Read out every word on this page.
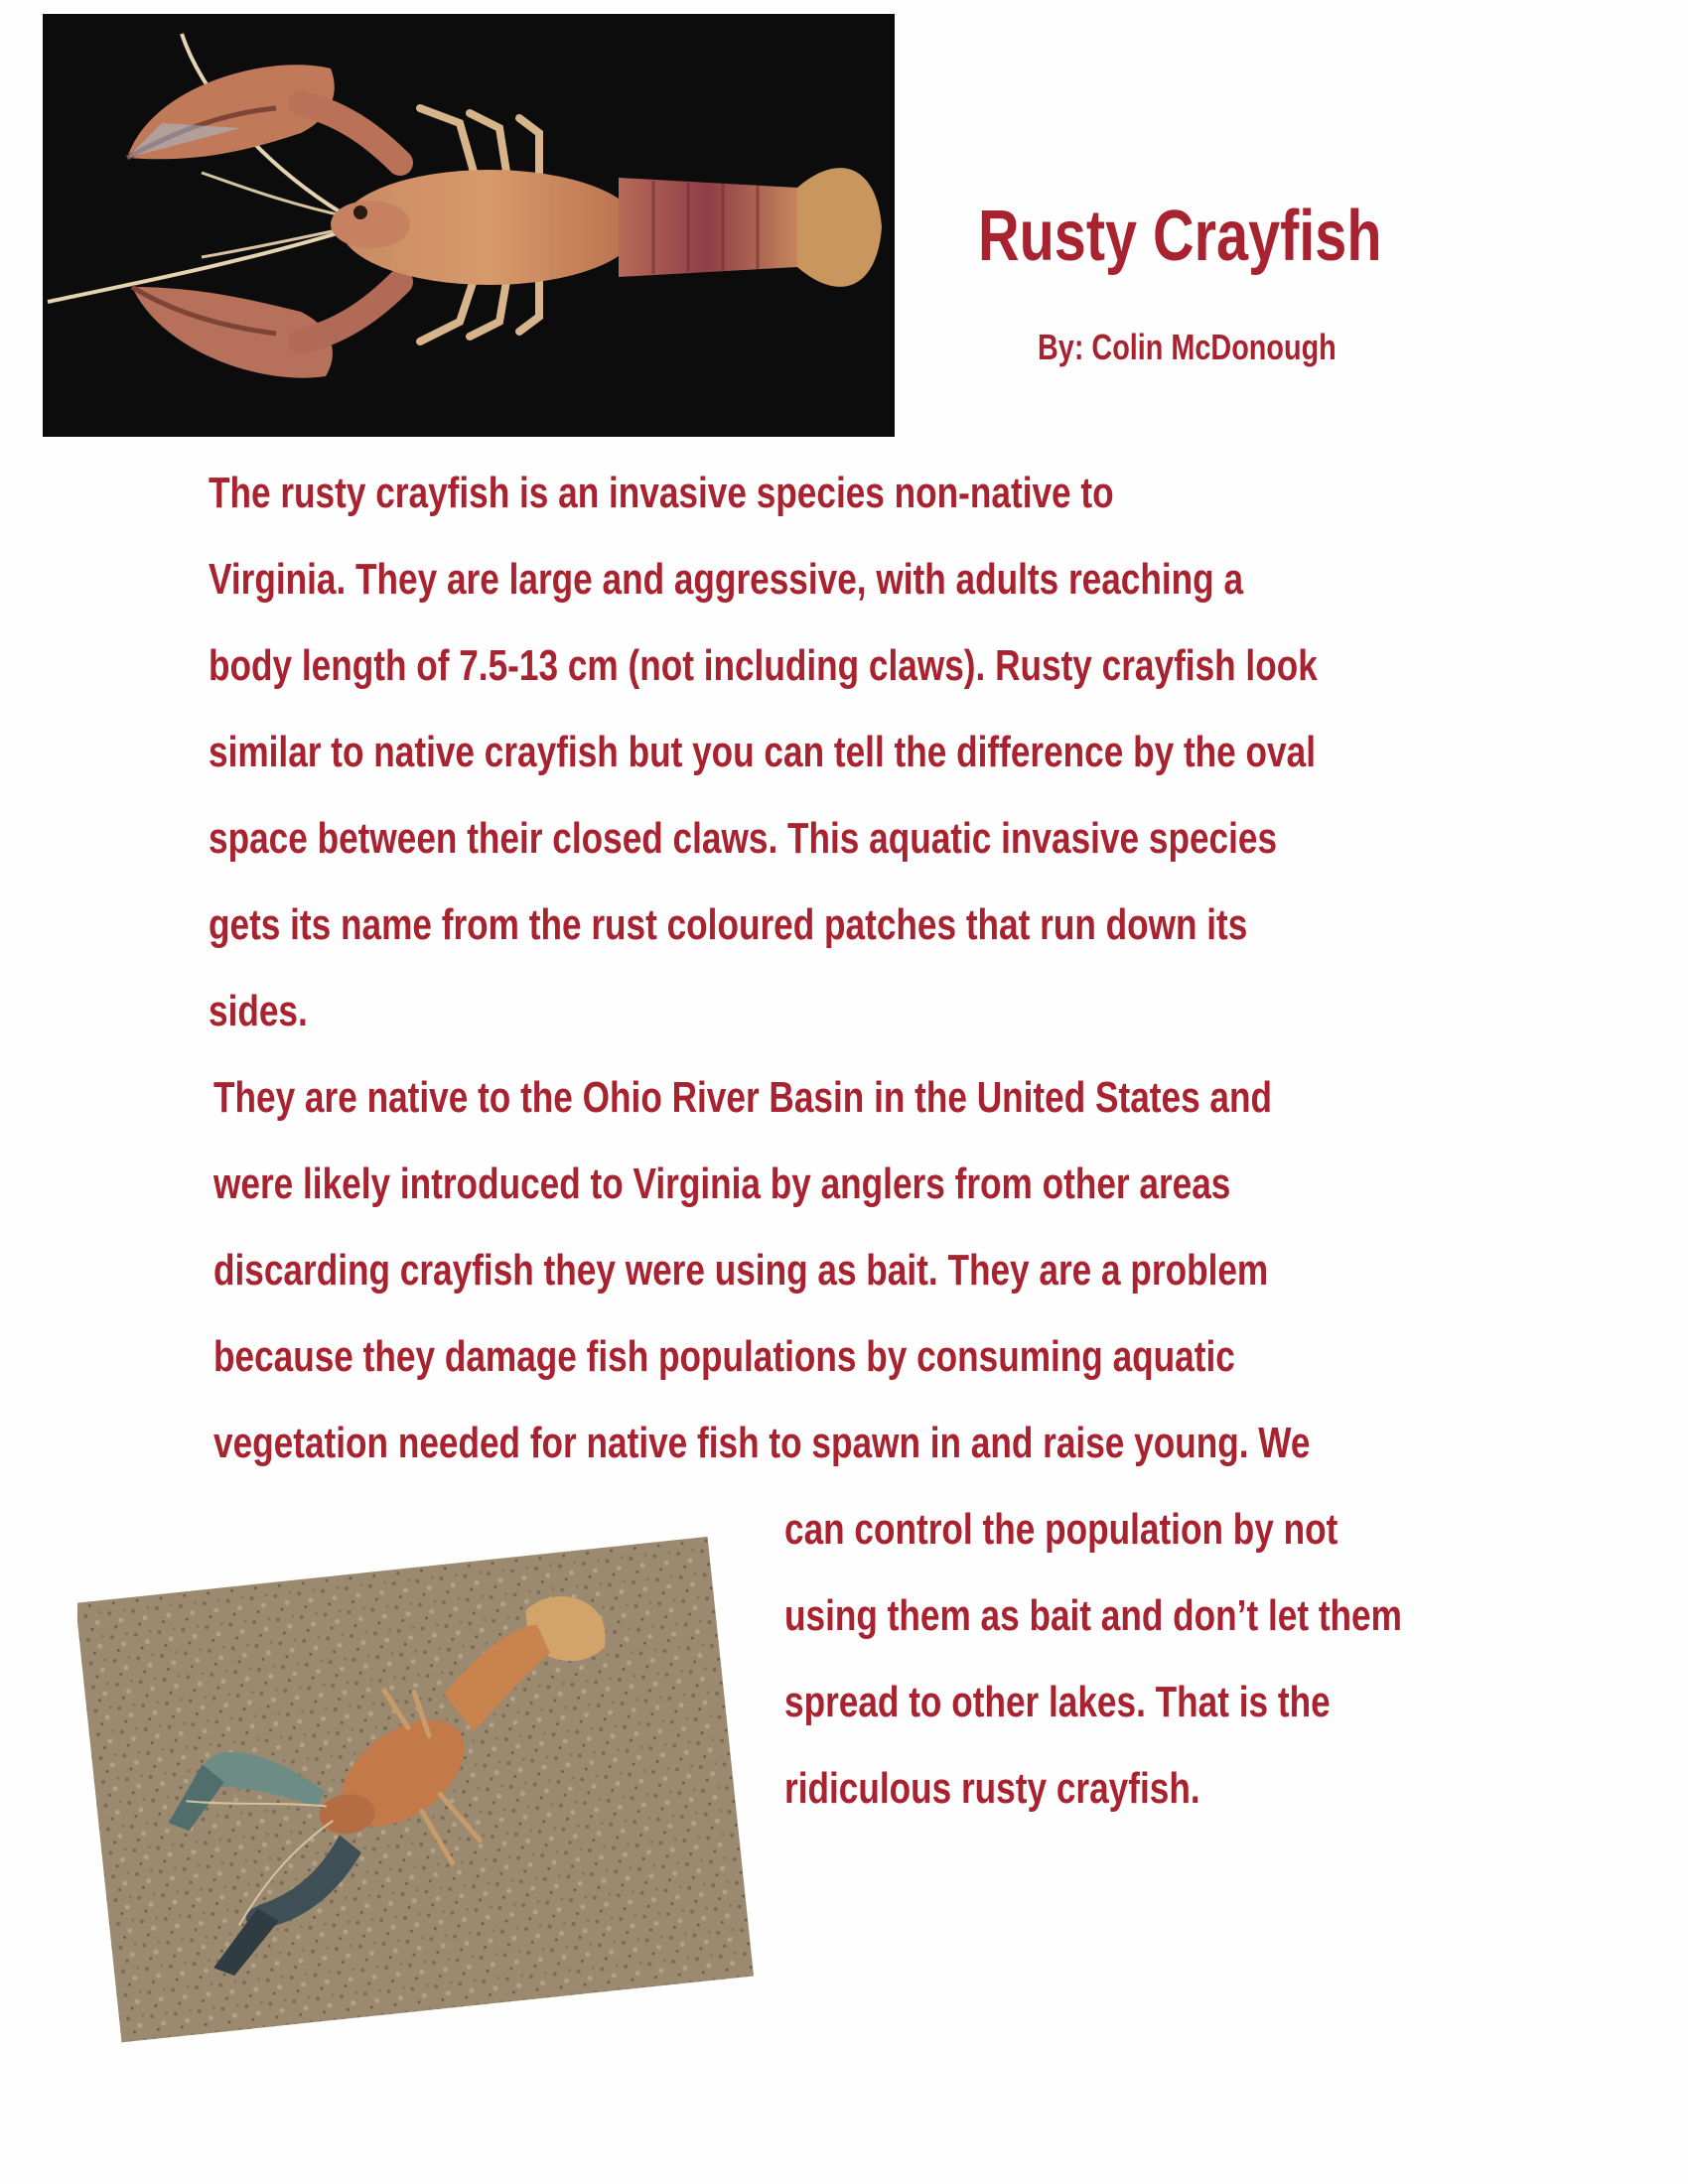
Rusty Crayfish
By: Colin McDonough
The rusty crayfish is an invasive species non-native to
Virginia. They are large and aggressive, with adults reaching a
body length of 7.5-13 cm (not including claws). Rusty crayfish look
similar to native crayfish but you can tell the difference by the oval
space between their closed claws. This aquatic invasive species
gets its name from the rust coloured patches that run down its
sides.
They are native to the Ohio River Basin in the United States and
were likely introduced to Virginia by anglers from other areas
discarding crayfish they were using as bait. They are a problem
because they damage fish populations by consuming aquatic
vegetation needed for native fish to spawn in and raise young. We
can control the population by not
using them as bait and don’t let them
spread to other lakes. That is the
ridiculous rusty crayfish.
